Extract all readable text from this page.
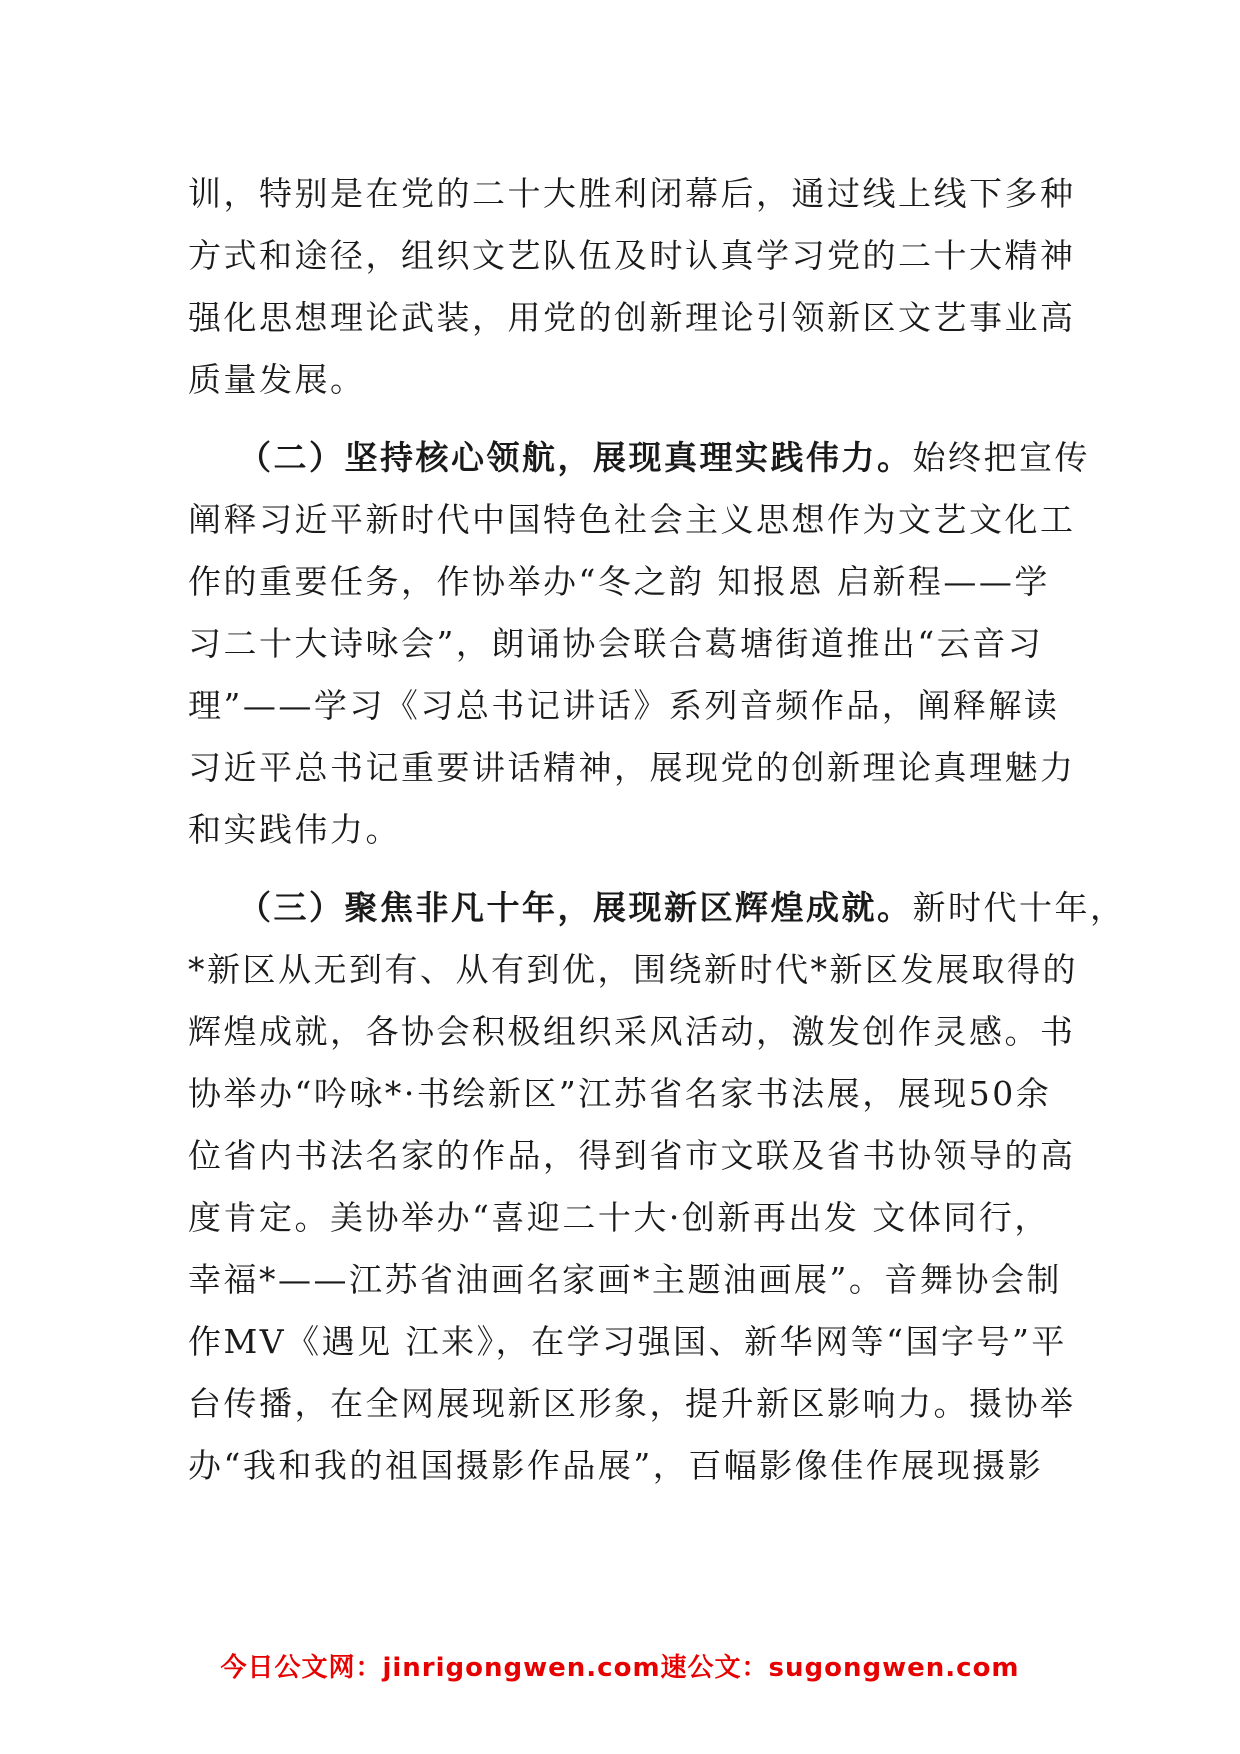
训，特别是在党的二十大胜利闭幕后，通过线上线下多种
方式和途径，组织文艺队伍及时认真学习党的二十大精神
强化思想理论武装，用党的创新理论引领新区文艺事业高
质量发展。
（二）坚持核心领航，展现真理实践伟力。始终把宣传
阐释习近平新时代中国特色社会主义思想作为文艺文化工
作的重要任务，作协举办“冬之韵 知报恩 启新程——学
习二十大诗咏会”，朗诵协会联合葛塘街道推出“云音习
理”——学习《习总书记讲话》系列音频作品，阐释解读
习近平总书记重要讲话精神，展现党的创新理论真理魅力
和实践伟力。
（三）聚焦非凡十年，展现新区辉煌成就。新时代十年，
*新区从无到有、从有到优，围绕新时代*新区发展取得的
辉煌成就，各协会积极组织采风活动，激发创作灵感。书
协举办“吟咏*·书绘新区”江苏省名家书法展，展现50余
位省内书法名家的作品，得到省市文联及省书协领导的高
度肯定。美协举办“喜迎二十大·创新再出发 文体同行，
幸福*——江苏省油画名家画*主题油画展”。音舞协会制
作MV《遇见 江来》，在学习强国、新华网等“国字号”平
台传播，在全网展现新区形象，提升新区影响力。摄协举
办“我和我的祖国摄影作品展”，百幅影像佳作展现摄影
今日公文网：jinrigongwen.com速公文：sugongwen.com
